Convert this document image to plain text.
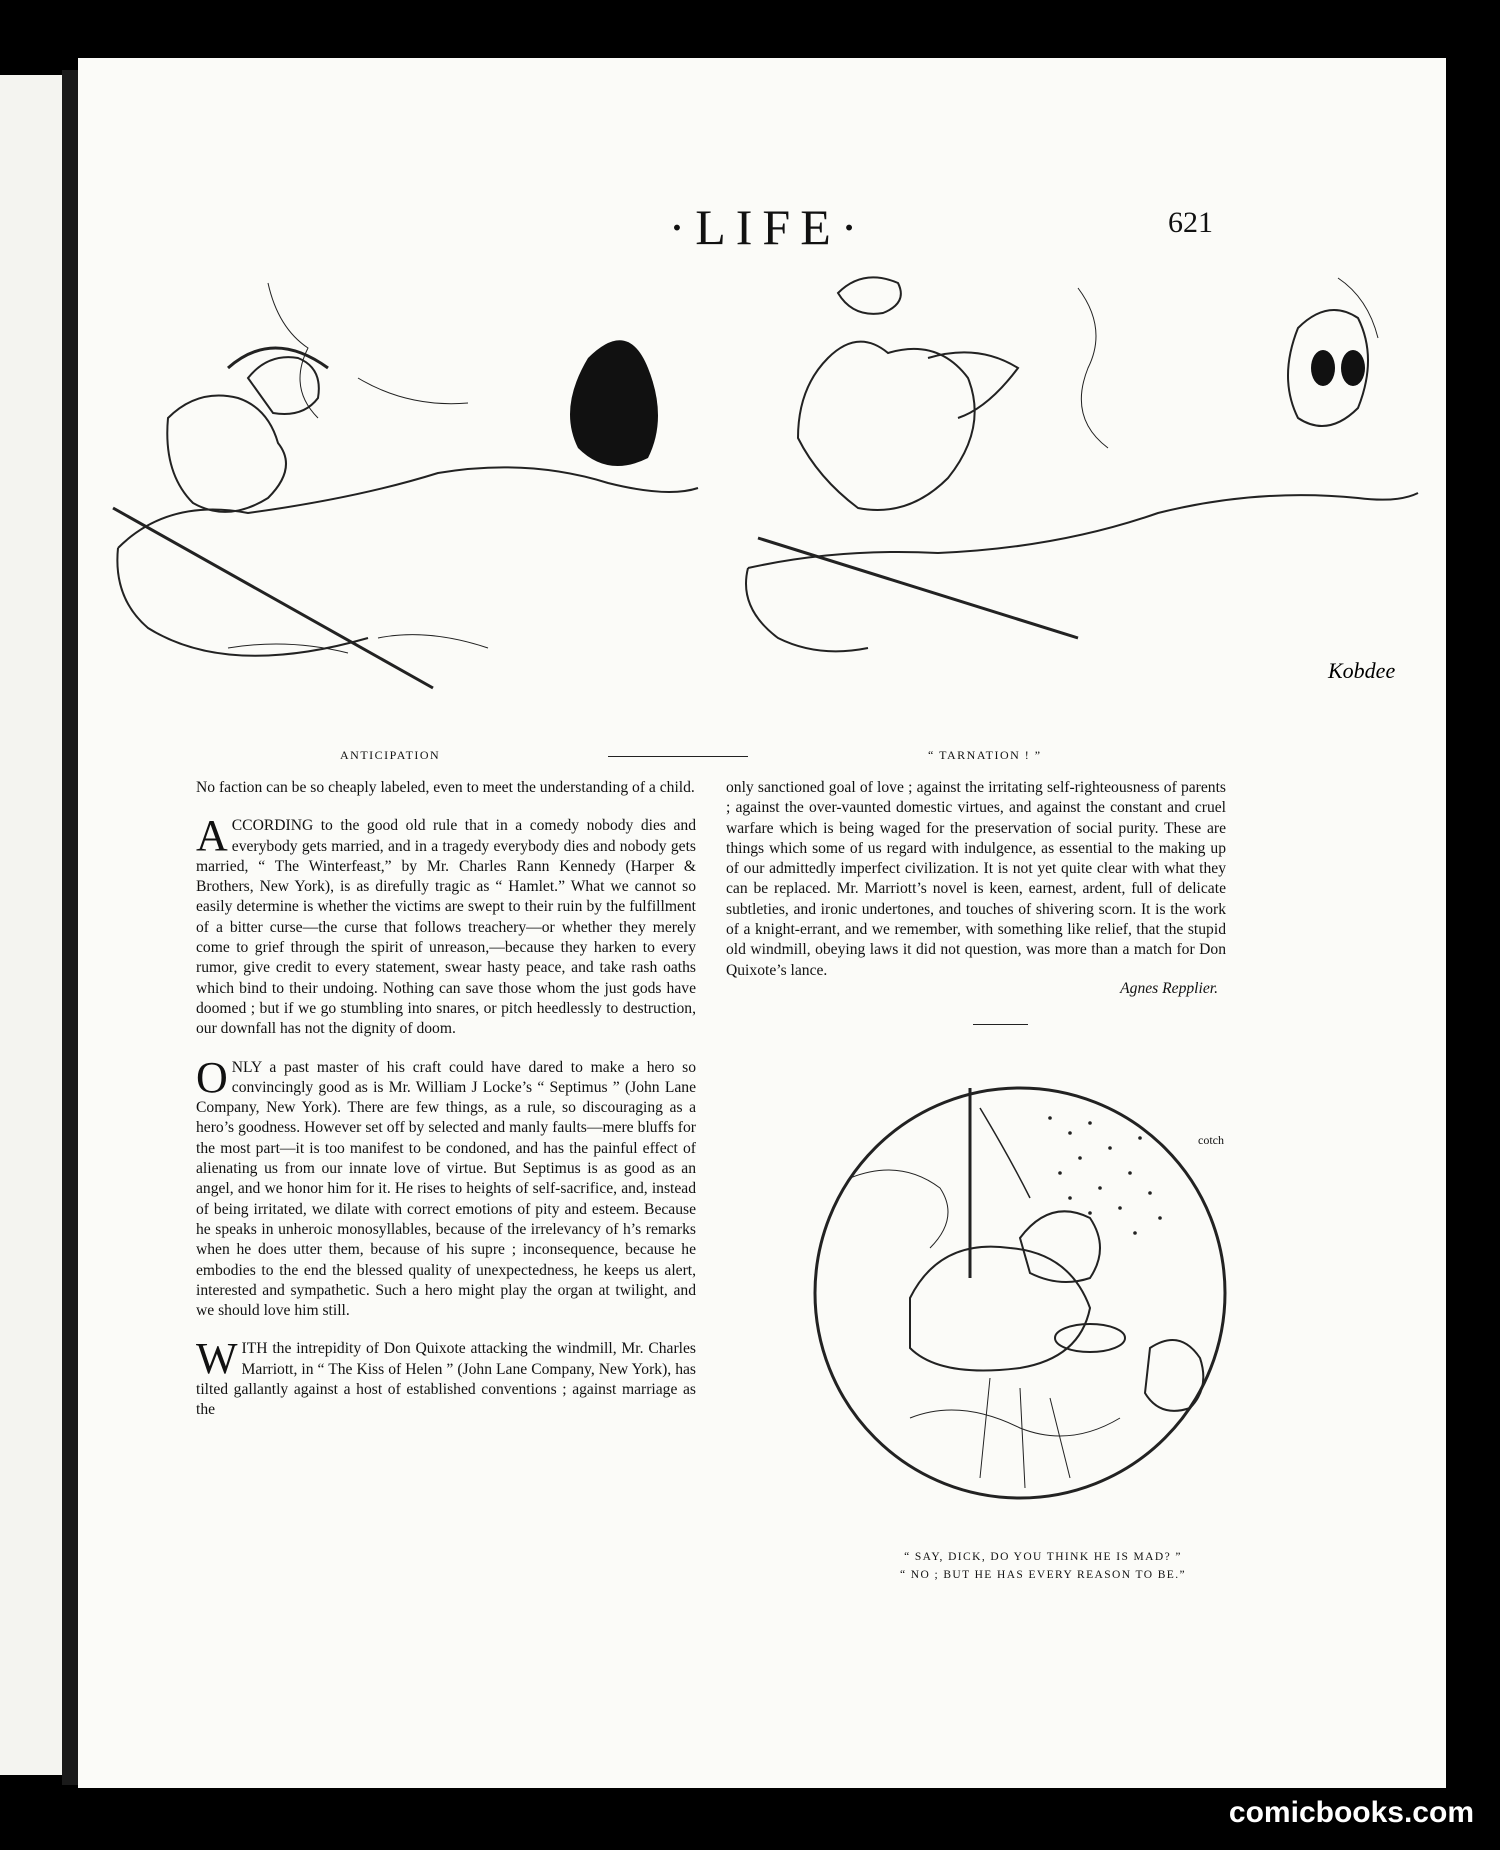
·LIFE·	621
Kobdee
ANTICIPATION	“ TARNATION ! ”

No faction can be so cheaply labeled, even to meet the understanding of a child.

ACCORDING to the good old rule that in a comedy nobody dies and everybody gets married, and in a tragedy everybody dies and nobody gets married, “ The Winterfeast,” by Mr. Charles Rann Kennedy (Harper & Brothers, New York), is as direfully tragic as “ Hamlet.” What we cannot so easily determine is whether the victims are swept to their ruin by the fulfillment of a bitter curse—the curse that follows treachery—or whether they merely come to grief through the spirit of unreason,—because they harken to every rumor, give credit to every statement, swear hasty peace, and take rash oaths which bind to their undoing. Nothing can save those whom the just gods have doomed ; but if we go stumbling into snares, or pitch heedlessly to destruction, our downfall has not the dignity of doom.

ONLY a past master of his craft could have dared to make a hero so convincingly good as is Mr. William J Locke’s “ Septimus ” (John Lane Company, New York). There are few things, as a rule, so discouraging as a hero’s goodness. However set off by selected and manly faults—mere bluffs for the most part—it is too manifest to be condoned, and has the painful effect of alienating us from our innate love of virtue. But Septimus is as good as an angel, and we honor him for it. He rises to heights of self-sacrifice, and, instead of being irritated, we dilate with correct emotions of pity and esteem. Because he speaks in unheroic monosyllables, because of the irrelevancy of h’s remarks when he does utter them, because of his supre ; inconsequence, because he embodies to the end the blessed quality of unexpectedness, he keeps us alert, interested and sympathetic. Such a hero might play the organ at twilight, and we should love him still.

WITH the intrepidity of Don Quixote attacking the windmill, Mr. Charles Marriott, in “ The Kiss of Helen ” (John Lane Company, New York), has tilted gallantly against a host of established conventions ; against marriage as the

only sanctioned goal of love ; against the irritating self-righteousness of parents ; against the over-vaunted domestic virtues, and against the constant and cruel warfare which is being waged for the preservation of social purity. These are things which some of us regard with indulgence, as essential to the making up of our admittedly imperfect civilization. It is not yet quite clear with what they can be replaced. Mr. Marriott’s novel is keen, earnest, ardent, full of delicate subtleties, and ironic undertones, and touches of shivering scorn. It is the work of a knight-errant, and we remember, with something like relief, that the stupid old windmill, obeying laws it did not question, was more than a match for Don Quixote’s lance.

Agnes Repplier.
cotch
“ SAY, DICK, DO YOU THINK HE IS MAD? ”
“ NO ; BUT HE HAS EVERY REASON TO BE.”
comicbooks.com
